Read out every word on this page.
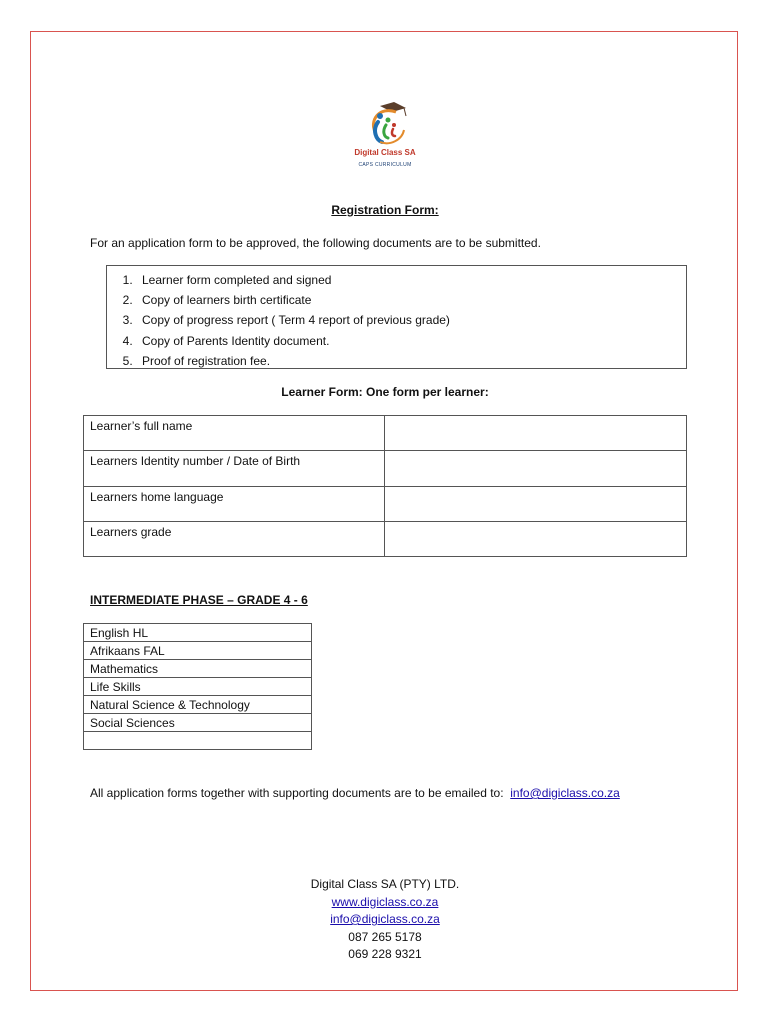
Digital Class SA
CAPS CURRICULUM
Registration Form:
For an application form to be approved, the following documents are to be submitted.
1. Learner form completed and signed
2. Copy of learners birth certificate
3. Copy of progress report ( Term 4 report of previous grade)
4. Copy of Parents Identity document.
5. Proof of registration fee.
Learner Form: One form per learner:
Learner’s full name	
Learners Identity number / Date of Birth	
Learners home language	
Learners grade	
INTERMEDIATE PHASE – GRADE 4 - 6
English HL
Afrikaans FAL
Mathematics
Life Skills
Natural Science & Technology
Social Sciences

All application forms together with supporting documents are to be emailed to: info@digiclass.co.za
Digital Class SA (PTY) LTD.
www.digiclass.co.za
info@digiclass.co.za
087 265 5178
069 228 9321
